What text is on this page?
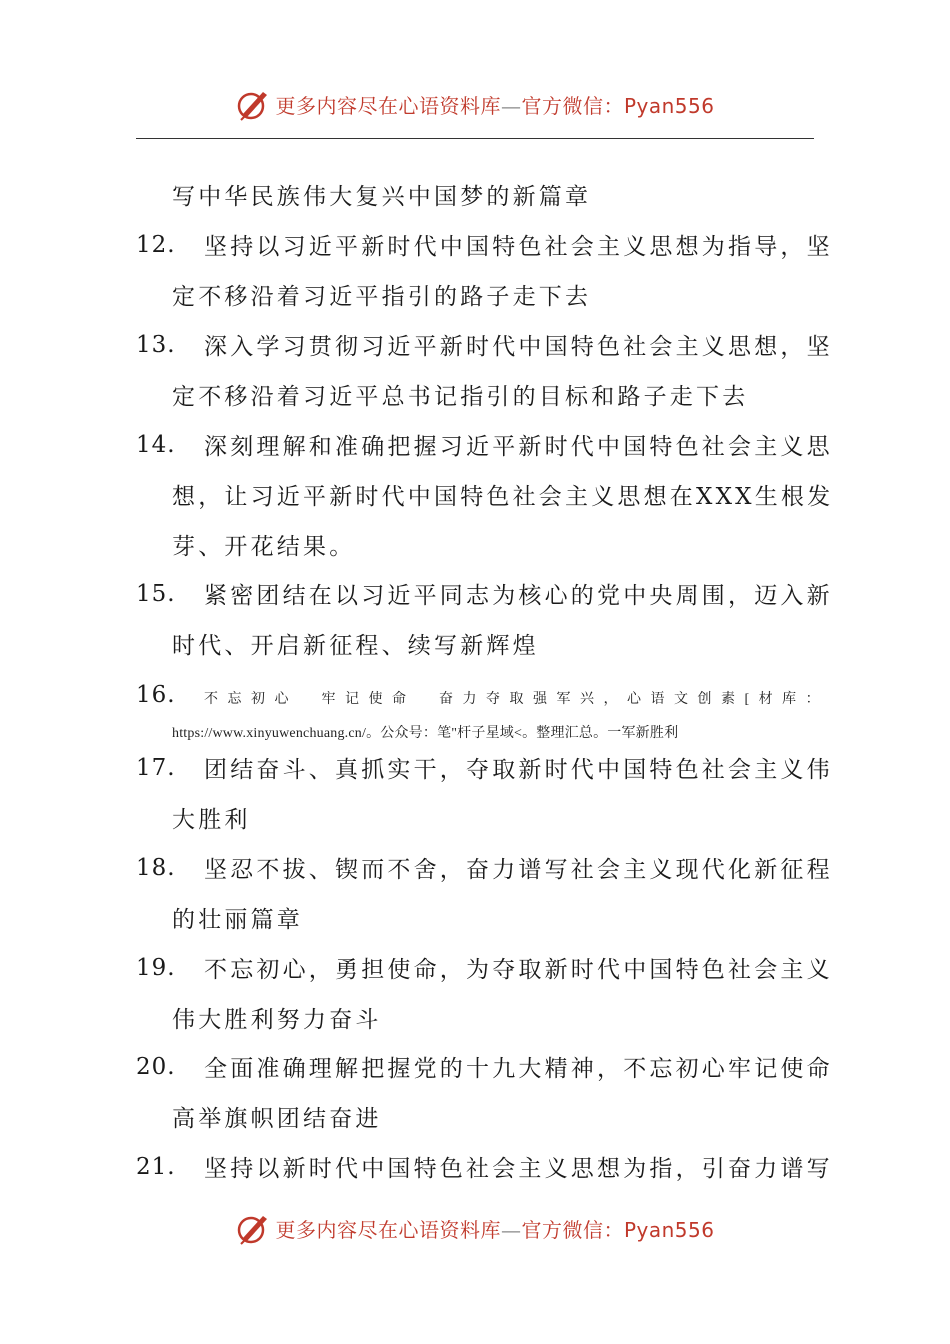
更多内容尽在心语资料库—官方微信：Pyan556
写中华民族伟大复兴中国梦的新篇章
12. 坚持以习近平新时代中国特色社会主义思想为指导，坚
定不移沿着习近平指引的路子走下去
13. 深入学习贯彻习近平新时代中国特色社会主义思想，坚
定不移沿着习近平总书记指引的目标和路子走下去
14. 深刻理解和准确把握习近平新时代中国特色社会主义思
想，让习近平新时代中国特色社会主义思想在XXX生根发
芽、开花结果。
15. 紧密团结在以习近平同志为核心的党中央周围，迈入新
时代、开启新征程、续写新辉煌
16. 不忘初心　牢记使命　奋力夺取强军兴，心语文创素[材库：
https://www.xinyuwenchuang.cn/。公众号：笔"杆子星域<。整理汇总。一军新胜利
17. 团结奋斗、真抓实干，夺取新时代中国特色社会主义伟
大胜利
18. 坚忍不拔、锲而不舍，奋力谱写社会主义现代化新征程
的壮丽篇章
19. 不忘初心，勇担使命，为夺取新时代中国特色社会主义
伟大胜利努力奋斗
20. 全面准确理解把握党的十九大精神，不忘初心牢记使命
高举旗帜团结奋进
21. 坚持以新时代中国特色社会主义思想为指，引奋力谱写
更多内容尽在心语资料库—官方微信：Pyan556
